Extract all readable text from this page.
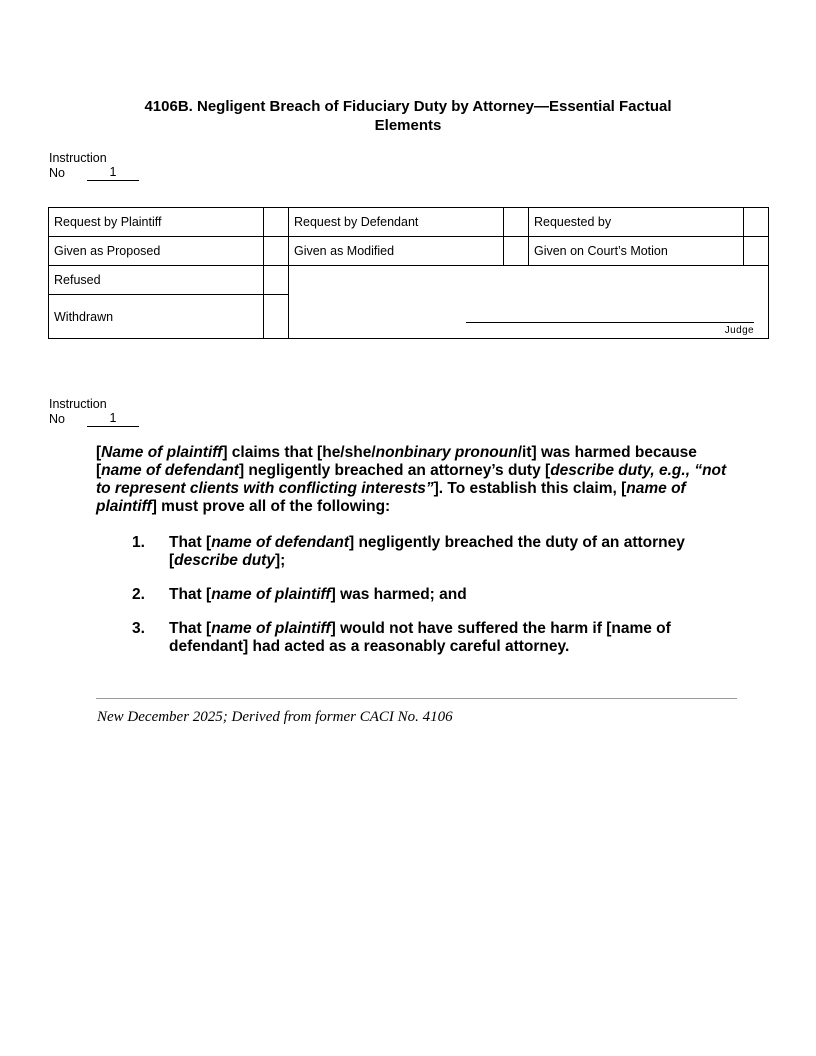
4106B. Negligent Breach of Fiduciary Duty by Attorney—Essential Factual
Elements
Instruction
No	1
Request by Plaintiff		Request by Defendant		Requested by	
Given as Proposed		Given as Modified		Given on Court’s Motion	
Refused		Judge			

Withdrawn					
Instruction
No	1

[Name of plaintiff] claims that [he/she/nonbinary pronoun/it] was harmed because [name of defendant] negligently breached an attorney’s duty [describe duty, e.g., “not to represent clients with conflicting interests”]. To establish this claim, [name of plaintiff] must prove all of the following:

1.	That [name of defendant] negligently breached the duty of an attorney [describe duty];
2.	That [name of plaintiff] was harmed; and
3.	That [name of plaintiff] would not have suffered the harm if [name of defendant] had acted as a reasonably careful attorney.
New December 2025; Derived from former CACI No. 4106
